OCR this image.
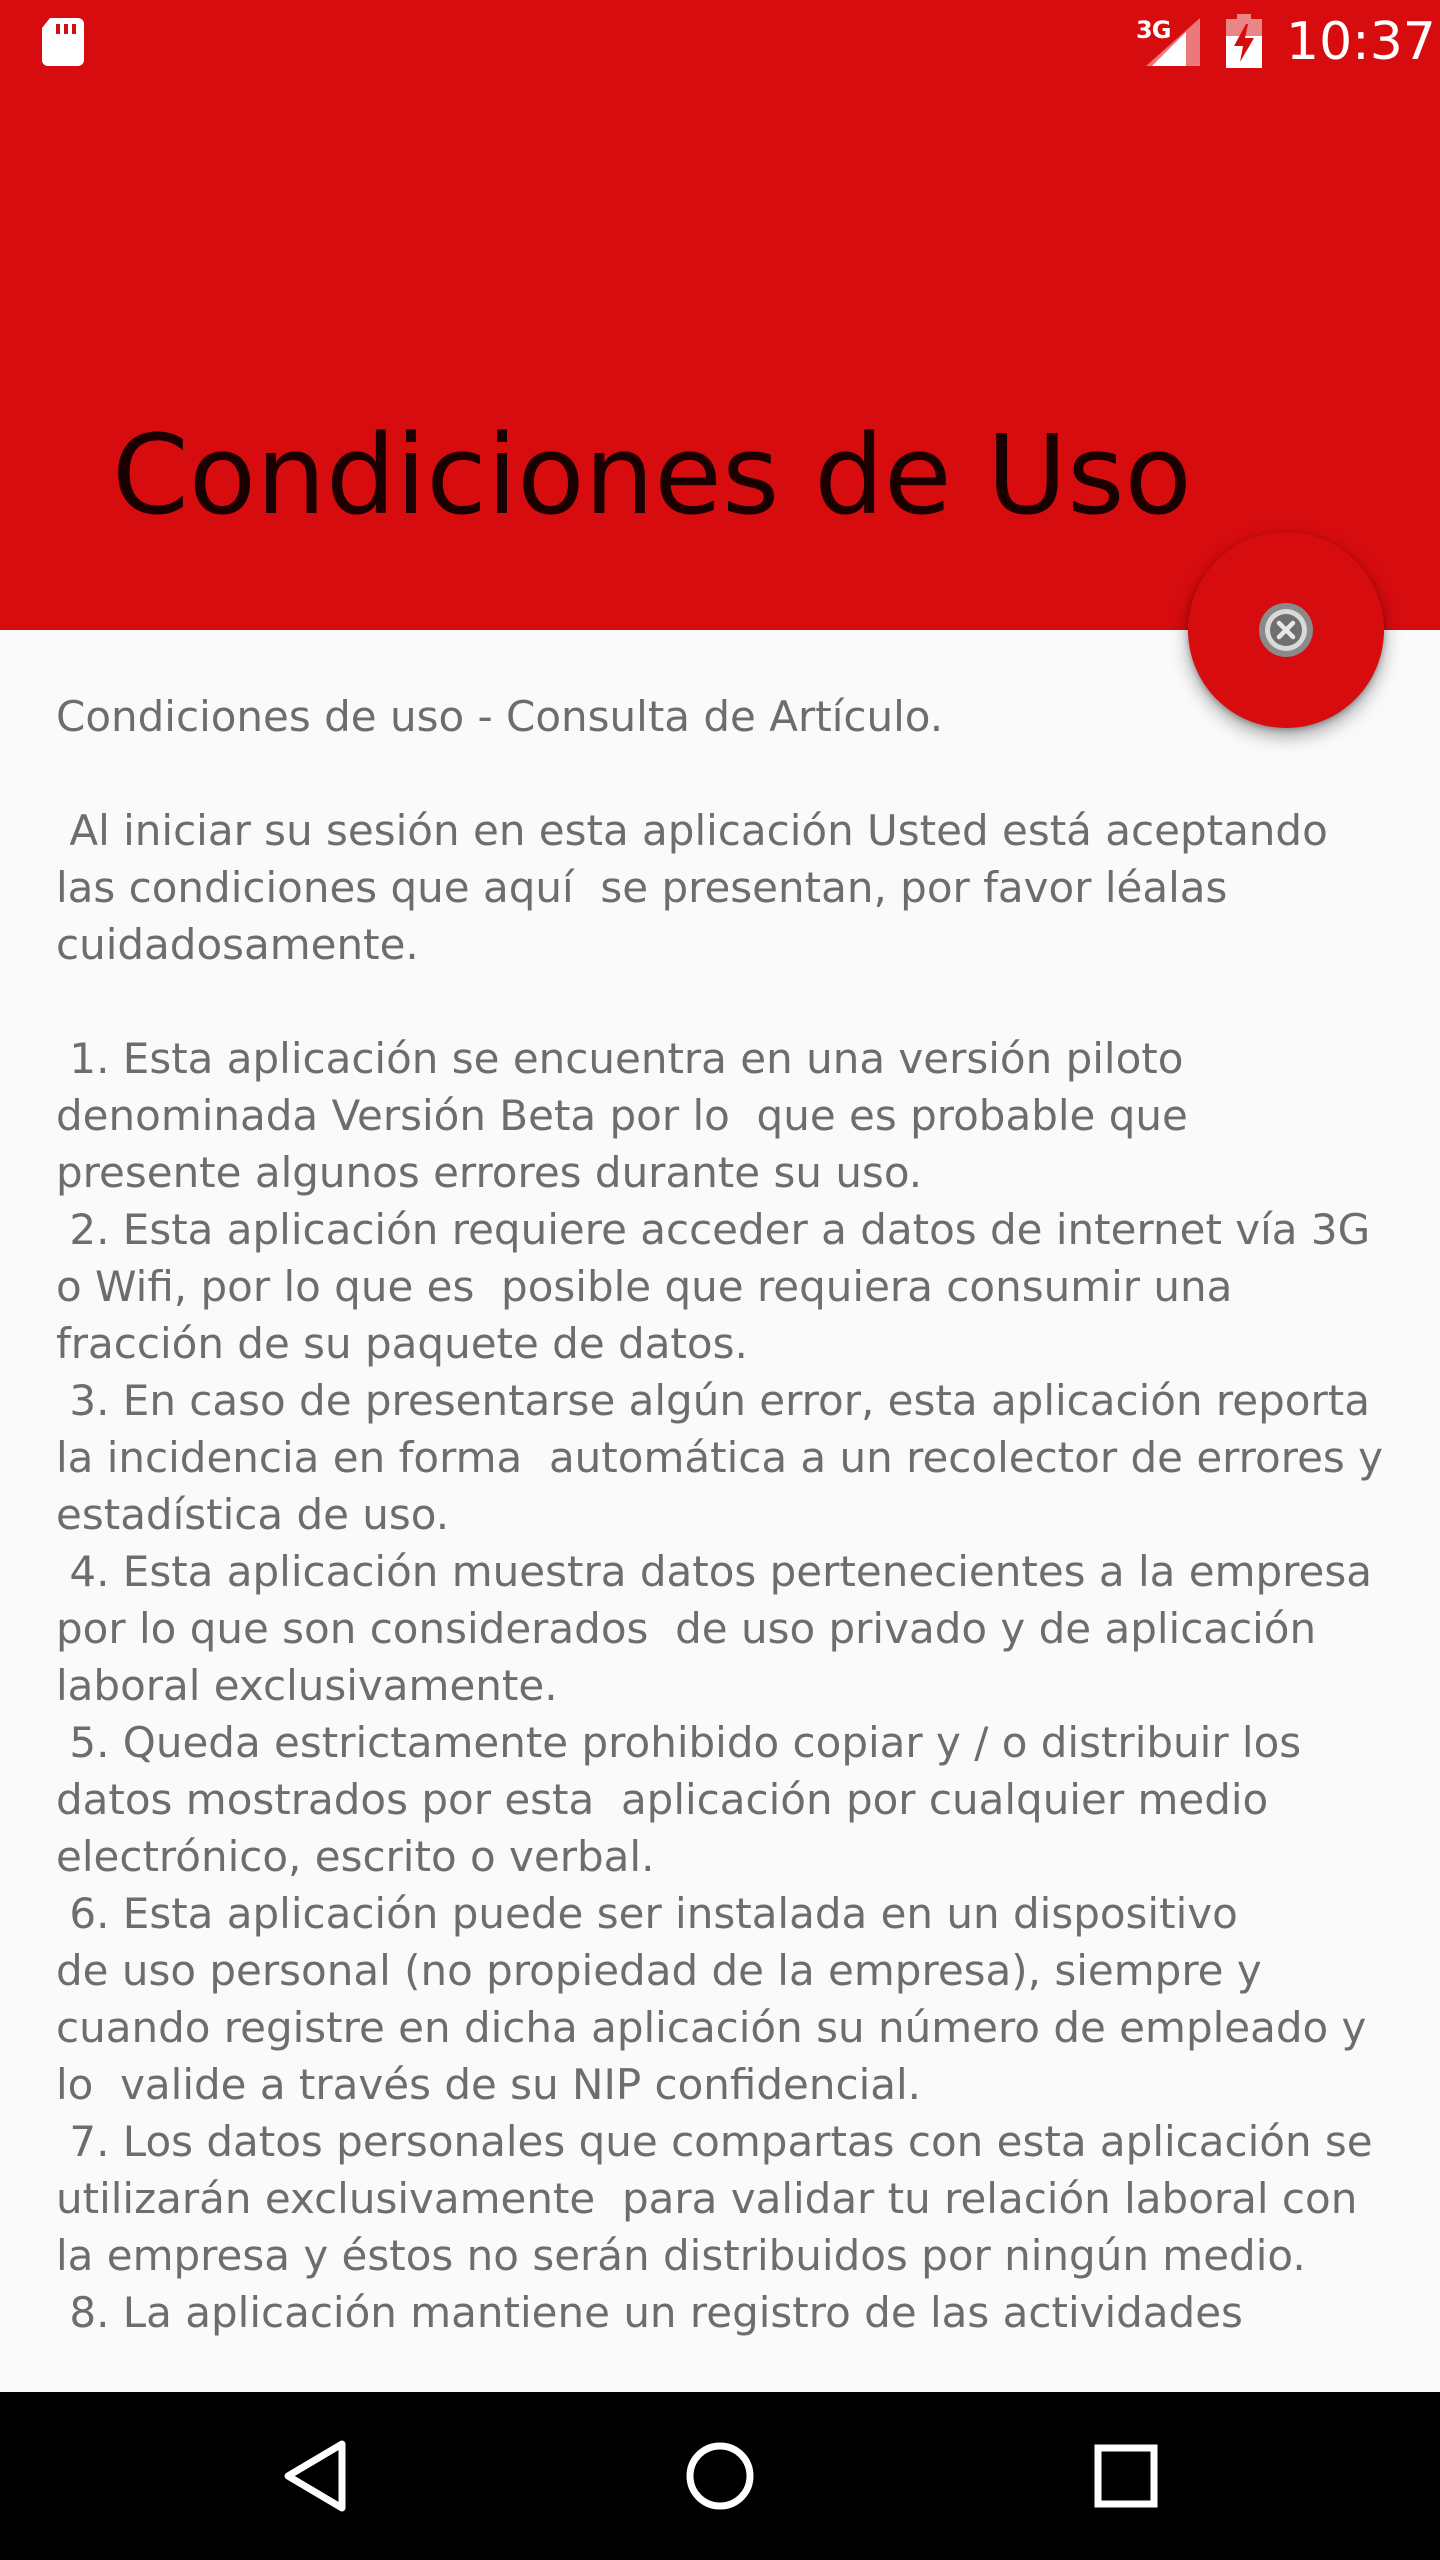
3G 10:37
Condiciones de Uso

Condiciones de uso - Consulta de Artículo.

Al iniciar su sesión en esta aplicación Usted está aceptando las condiciones que aquí  se presentan, por favor léalas cuidadosamente.

1. Esta aplicación se encuentra en una versión piloto denominada Versión Beta por lo  que es probable que presente algunos errores durante su uso.
2. Esta aplicación requiere acceder a datos de internet vía 3G o Wifi, por lo que es  posible que requiera consumir una fracción de su paquete de datos.
3. En caso de presentarse algún error, esta aplicación reporta la incidencia en forma  automática a un recolector de errores y estadística de uso.
4. Esta aplicación muestra datos pertenecientes a la empresa por lo que son considerados  de uso privado y de aplicación laboral exclusivamente.
5. Queda estrictamente prohibido copiar y / o distribuir los datos mostrados por esta  aplicación por cualquier medio electrónico, escrito o verbal.
6. Esta aplicación puede ser instalada en un dispositivo
de uso personal (no propiedad de la empresa), siempre y cuando registre en dicha aplicación su número de empleado y lo  valide a través de su NIP confidencial.
7. Los datos personales que compartas con esta aplicación se utilizarán exclusivamente  para validar tu relación laboral con la empresa y éstos no serán distribuidos por ningún medio.
8. La aplicación mantiene un registro de las actividades
